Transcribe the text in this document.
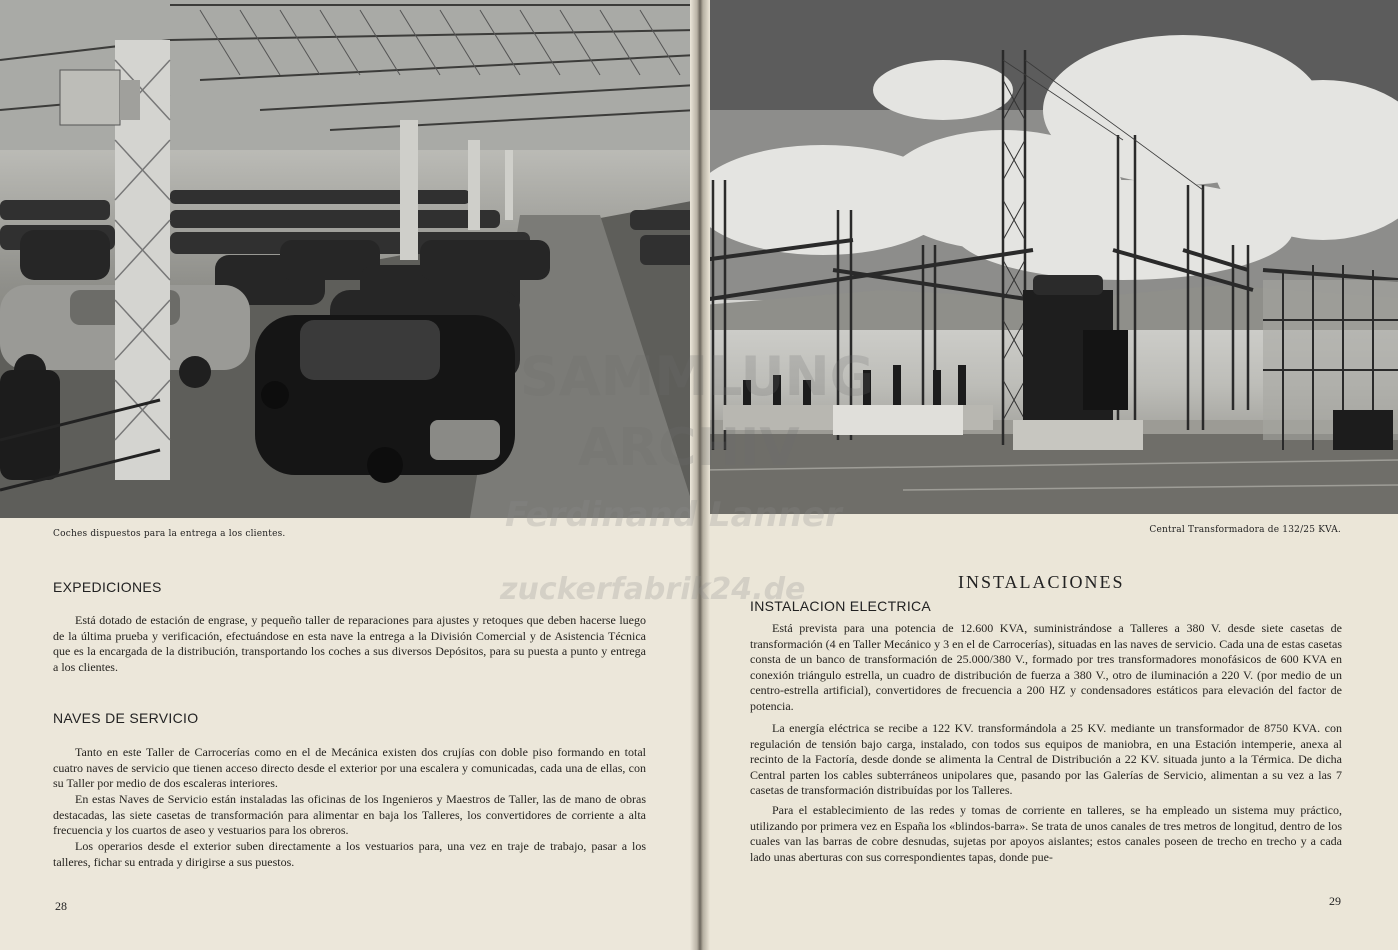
Coches dispuestos para la entrega a los clientes.
EXPEDICIONES

Está dotado de estación de engrase, y pequeño taller de reparaciones para ajustes y retoques que deben hacerse luego de la última prueba y verificación, efectuándose en esta nave la entrega a la División Comercial y de Asistencia Técnica que es la encargada de la distribución, transportando los coches a sus diversos Depósitos, para su puesta a punto y entrega a los clientes.

NAVES DE SERVICIO

Tanto en este Taller de Carrocerías como en el de Mecánica existen dos crujías con doble piso formando en total cuatro naves de servicio que tienen acceso directo desde el exterior por una escalera y comunicadas, cada una de ellas, con su Taller por medio de dos escaleras interiores.

En estas Naves de Servicio están instaladas las oficinas de los Ingenieros y Maestros de Taller, las de mano de obras destacadas, las siete casetas de transformación para alimentar en baja los Talleres, los convertidores de corriente a alta frecuencia y los cuartos de aseo y vestuarios para los obreros.

Los operarios desde el exterior suben directamente a los vestuarios para, una vez en traje de trabajo, pasar a los talleres, fichar su entrada y dirigirse a sus puestos.

28
Central Transformadora de 132/25 KVA.
INSTALACIONES
INSTALACION ELECTRICA

Está prevista para una potencia de 12.600 KVA, suministrándose a Talleres a 380 V. desde siete casetas de transformación (4 en Taller Mecánico y 3 en el de Carrocerías), situadas en las naves de servicio. Cada una de estas casetas consta de un banco de transformación de 25.000/380 V., formado por tres transformadores monofásicos de 600 KVA en conexión triángulo estrella, un cuadro de distribución de fuerza a 380 V., otro de iluminación a 220 V. (por medio de un centro-estrella artificial), convertidores de frecuencia a 200 HZ y condensadores estáticos para elevación del factor de potencia.

La energía eléctrica se recibe a 122 KV. transformándola a 25 KV. mediante un transformador de 8750 KVA. con regulación de tensión bajo carga, instalado, con todos sus equipos de maniobra, en una Estación intemperie, anexa al recinto de la Factoría, desde donde se alimenta la Central de Distribución a 22 KV. situada junto a la Térmica. De dicha Central parten los cables subterráneos unipolares que, pasando por las Galerías de Servicio, alimentan a su vez a las 7 casetas de transformación distribuídas por los Talleres.

Para el establecimiento de las redes y tomas de corriente en talleres, se ha empleado un sistema muy práctico, utilizando por primera vez en España los «blindos-barra». Se trata de unos canales de tres metros de longitud, dentro de los cuales van las barras de cobre desnudas, sujetas por apoyos aislantes; estos canales poseen de trecho en trecho y a cada lado unas aberturas con sus correspondientes tapas, donde pue-

29
SAMMLUNG
ARCHIV
Ferdinand Lanner
zuckerfabrik24.de
